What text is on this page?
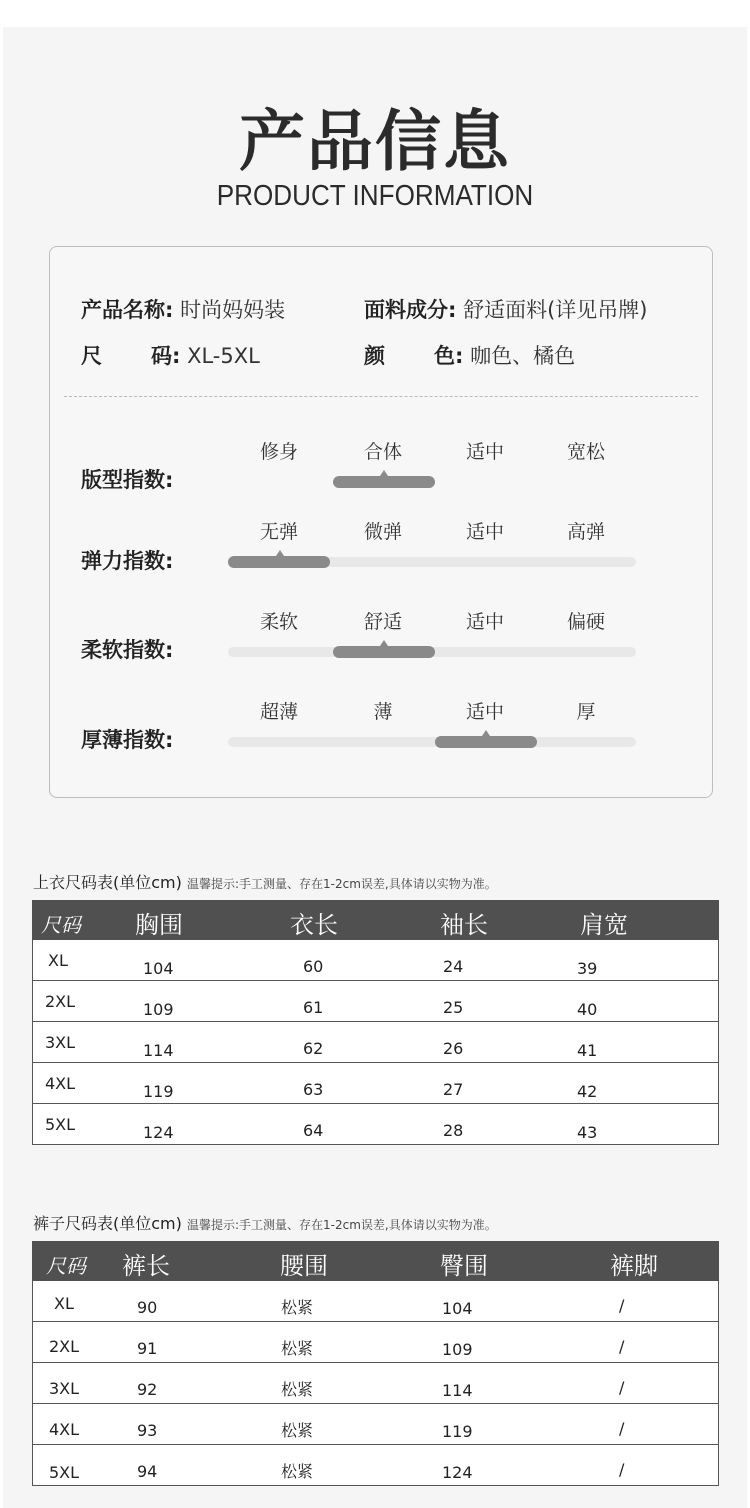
产品信息
PRODUCT INFORMATION
产品名称: 时尚妈妈装	面料成分: 舒适面料(详见吊牌)
尺 码: XL-5XL	颜 色: 咖色、橘色
版型指数:
修身	合体	适中	宽松
弹力指数:
无弹	微弹	适中	高弹
柔软指数:
柔软	舒适	适中	偏硬
厚薄指数:
超薄	薄	适中	厚
上衣尺码表(单位cm) 温馨提示:手工测量、存在1-2cm误差,具体请以实物为准。
尺码 胸围	衣长	袖长	肩宽
XL	104	60	24	39
2XL	109	61	25	40
3XL	114	62	26	41
4XL	119	63	27	42
5XL	124	64	28	43
裤子尺码表(单位cm) 温馨提示:手工测量、存在1-2cm误差,具体请以实物为准。
尺码 裤长	腰围	臀围	裤脚
XL	90	松紧	104	/
2XL	91	松紧	109	/
3XL	92	松紧	114	/
4XL	93	松紧	119	/
5XL	94	松紧	124	/
